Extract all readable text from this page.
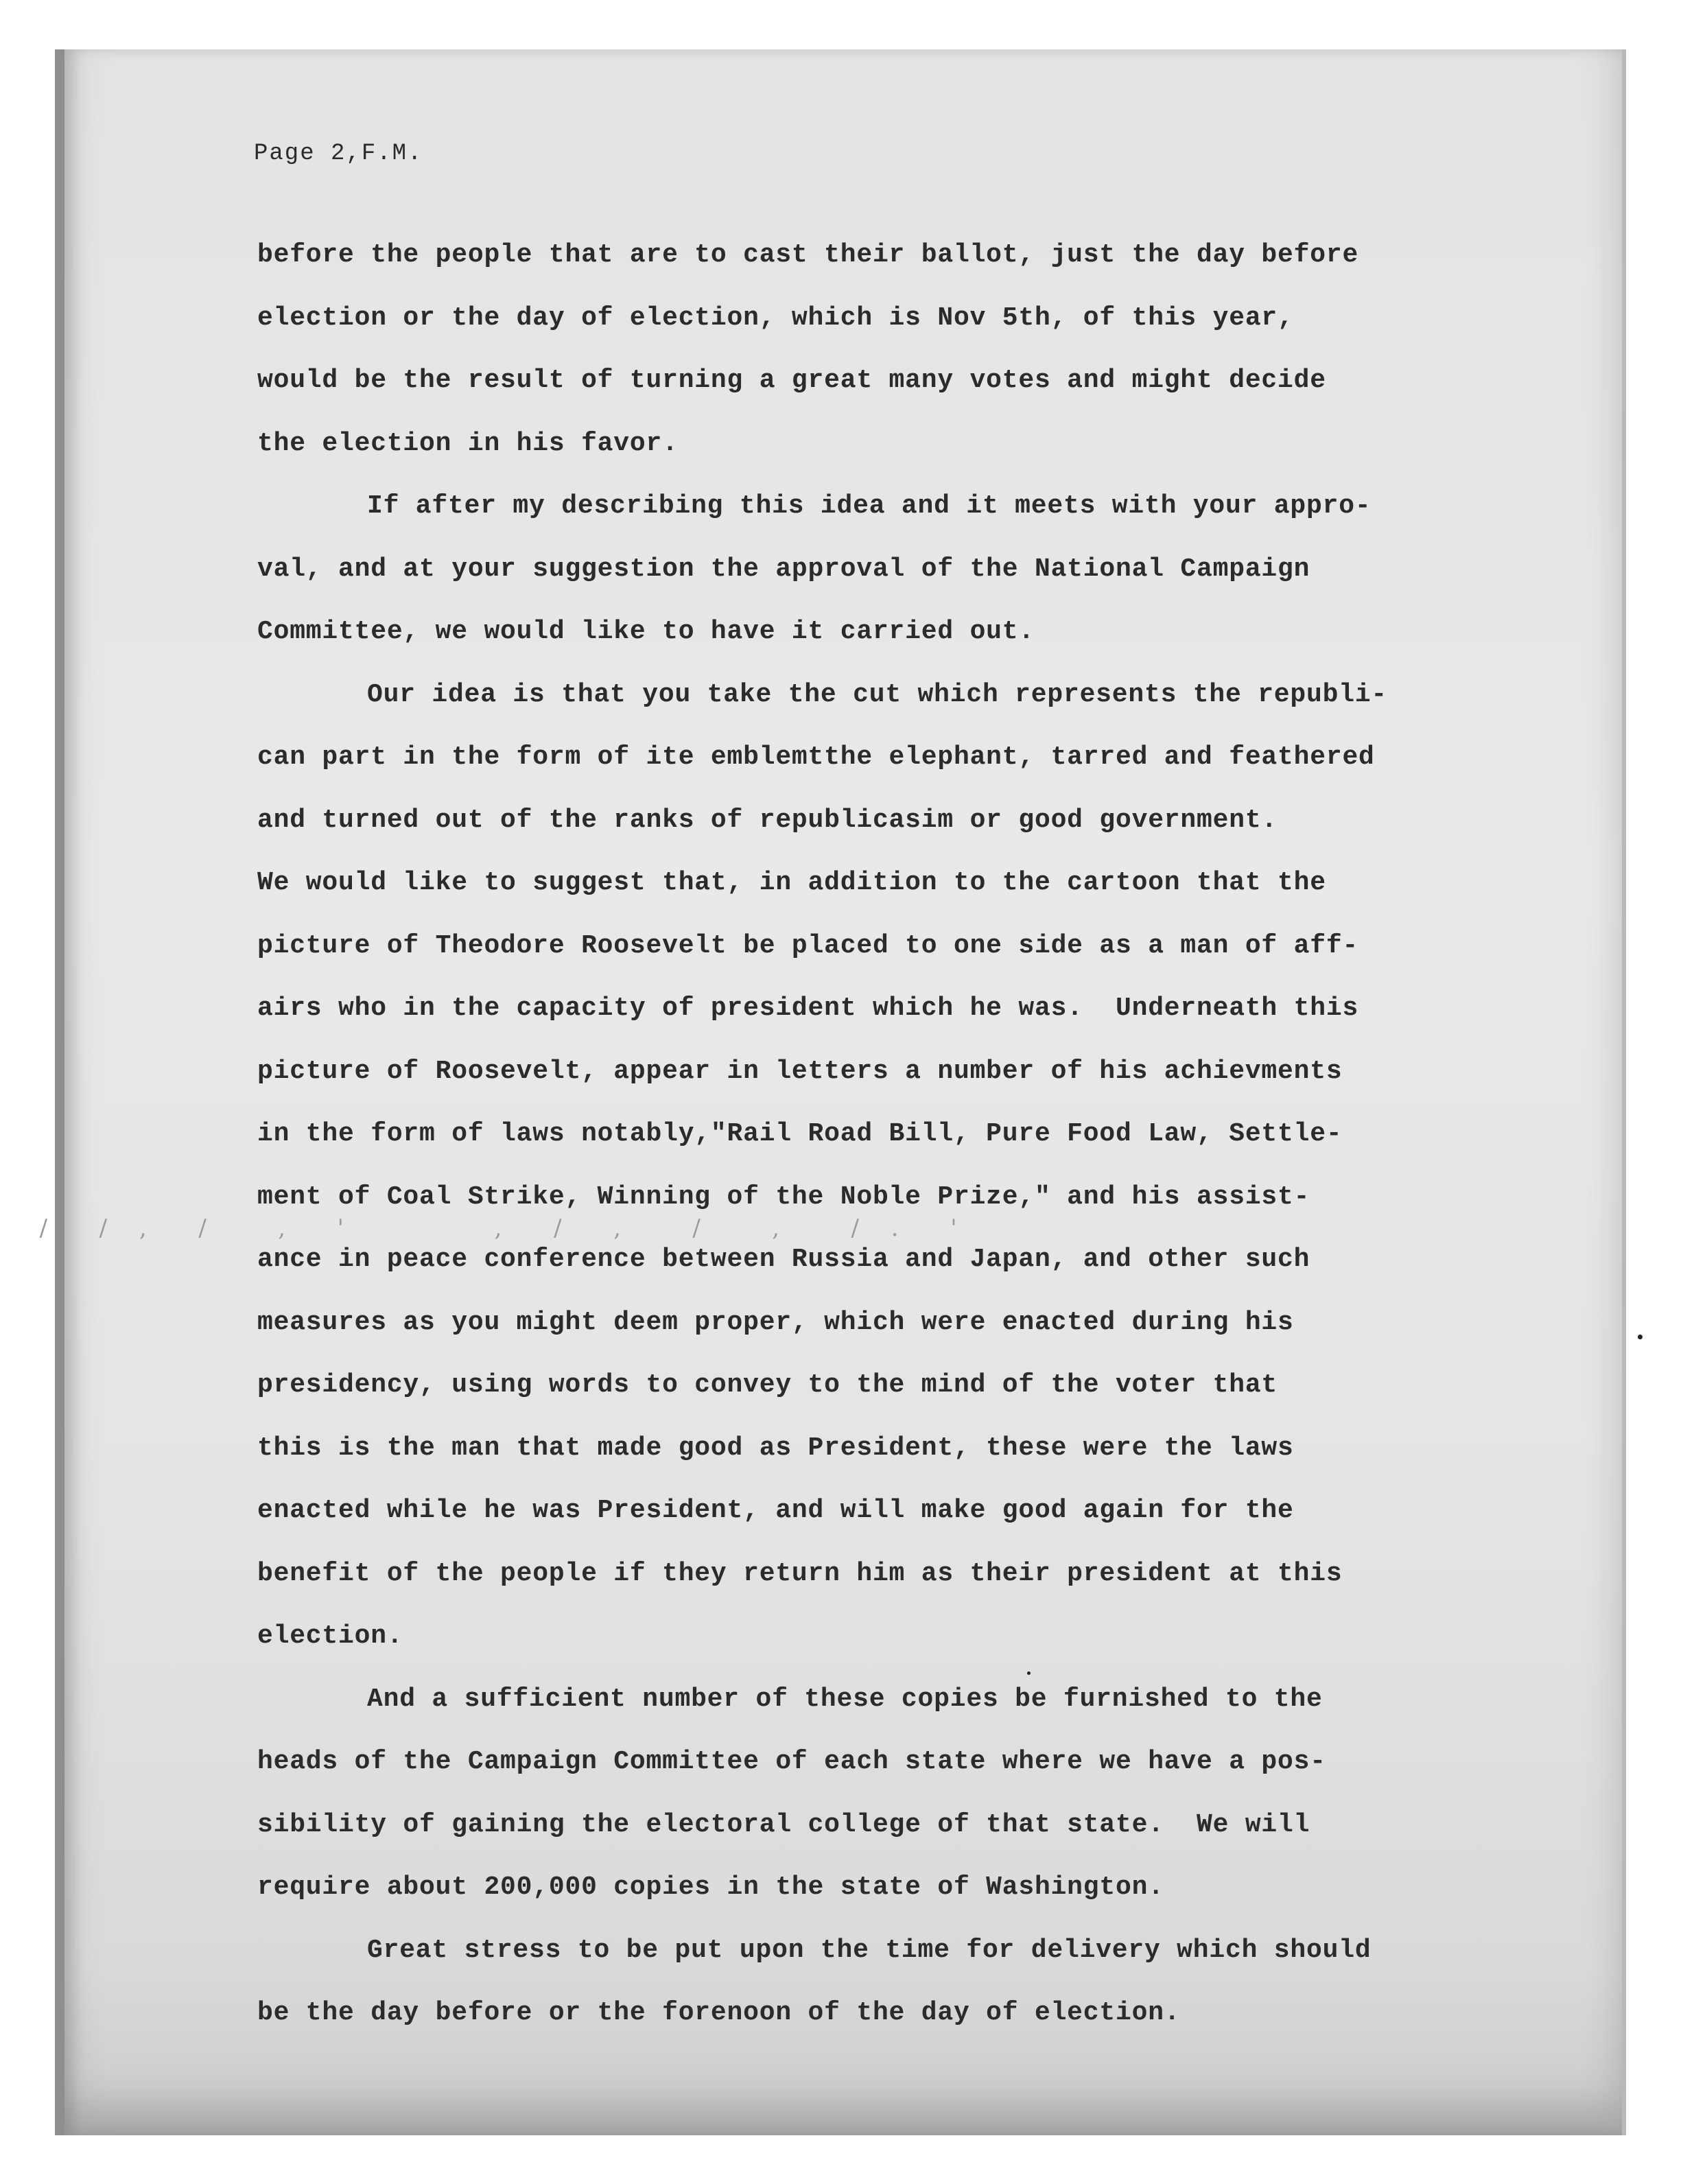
Page 2,F.M.
before the people that are to cast their ballot, just the day before
election or the day of election, which is Nov 5th, of this year,
would be the result of turning a great many votes and might decide
the election in his favor.
If after my describing this idea and it meets with your appro-
val, and at your suggestion the approval of the National Campaign
Committee, we would like to have it carried out.
Our idea is that you take the cut which represents the republi-
can part in the form of ite emblemtthe elephant, tarred and feathered
and turned out of the ranks of republicasim or good government.
We would like to suggest that, in addition to the cartoon that the
picture of Theodore Roosevelt be placed to one side as a man of aff-
airs who in the capacity of president which he was.  Underneath this
picture of Roosevelt, appear in letters a number of his achievments
in the form of laws notably,"Rail Road Bill, Pure Food Law, Settle-
ment of Coal Strike, Winning of the Noble Prize," and his assist-
ance in peace conference between Russia and Japan, and other such
measures as you might deem proper, which were enacted during his
presidency, using words to convey to the mind of the voter that
this is the man that made good as President, these were the laws
enacted while he was President, and will make good again for the
benefit of the people if they return him as their president at this
election.
And a sufficient number of these copies be furnished to the
heads of the Campaign Committee of each state where we have a pos-
sibility of gaining the electoral college of that state.  We will
require about 200,000 copies in the state of Washington.
Great stress to be put upon the time for delivery which should
be the day before or the forenoon of the day of election.
/  / ,  /   ,  '       ,  /  ,   /   ,   / .  '
